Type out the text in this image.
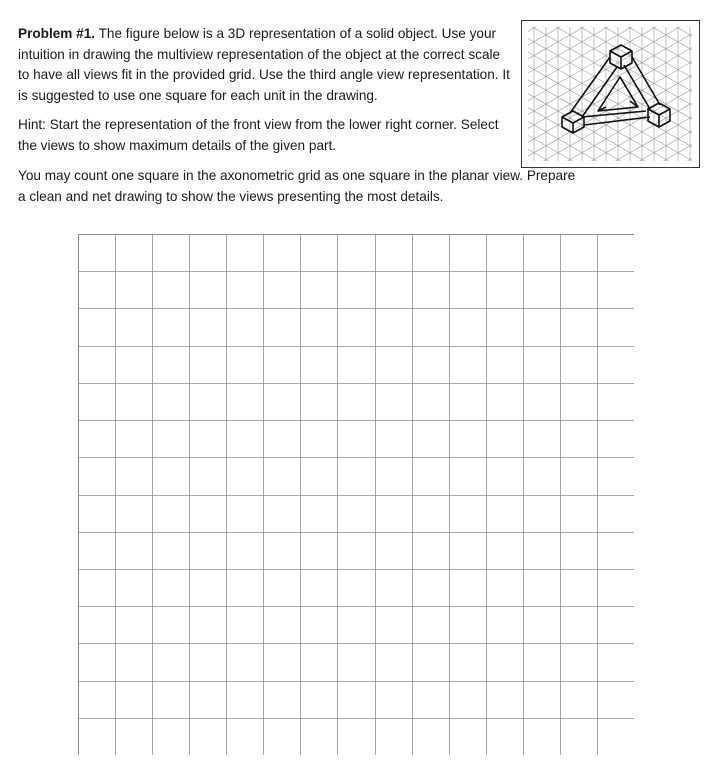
Problem #1. The figure below is a 3D representation of a solid object. Use your intuition in drawing the multiview representation of the object at the correct scale to have all views fit in the provided grid. Use the third angle view representation. It is suggested to use one square for each unit in the drawing.

Hint: Start the representation of the front view from the lower right corner. Select the views to show maximum details of the given part.

You may count one square in the axonometric grid as one square in the planar view. Prepare a clean and net drawing to show the views presenting the most details.
